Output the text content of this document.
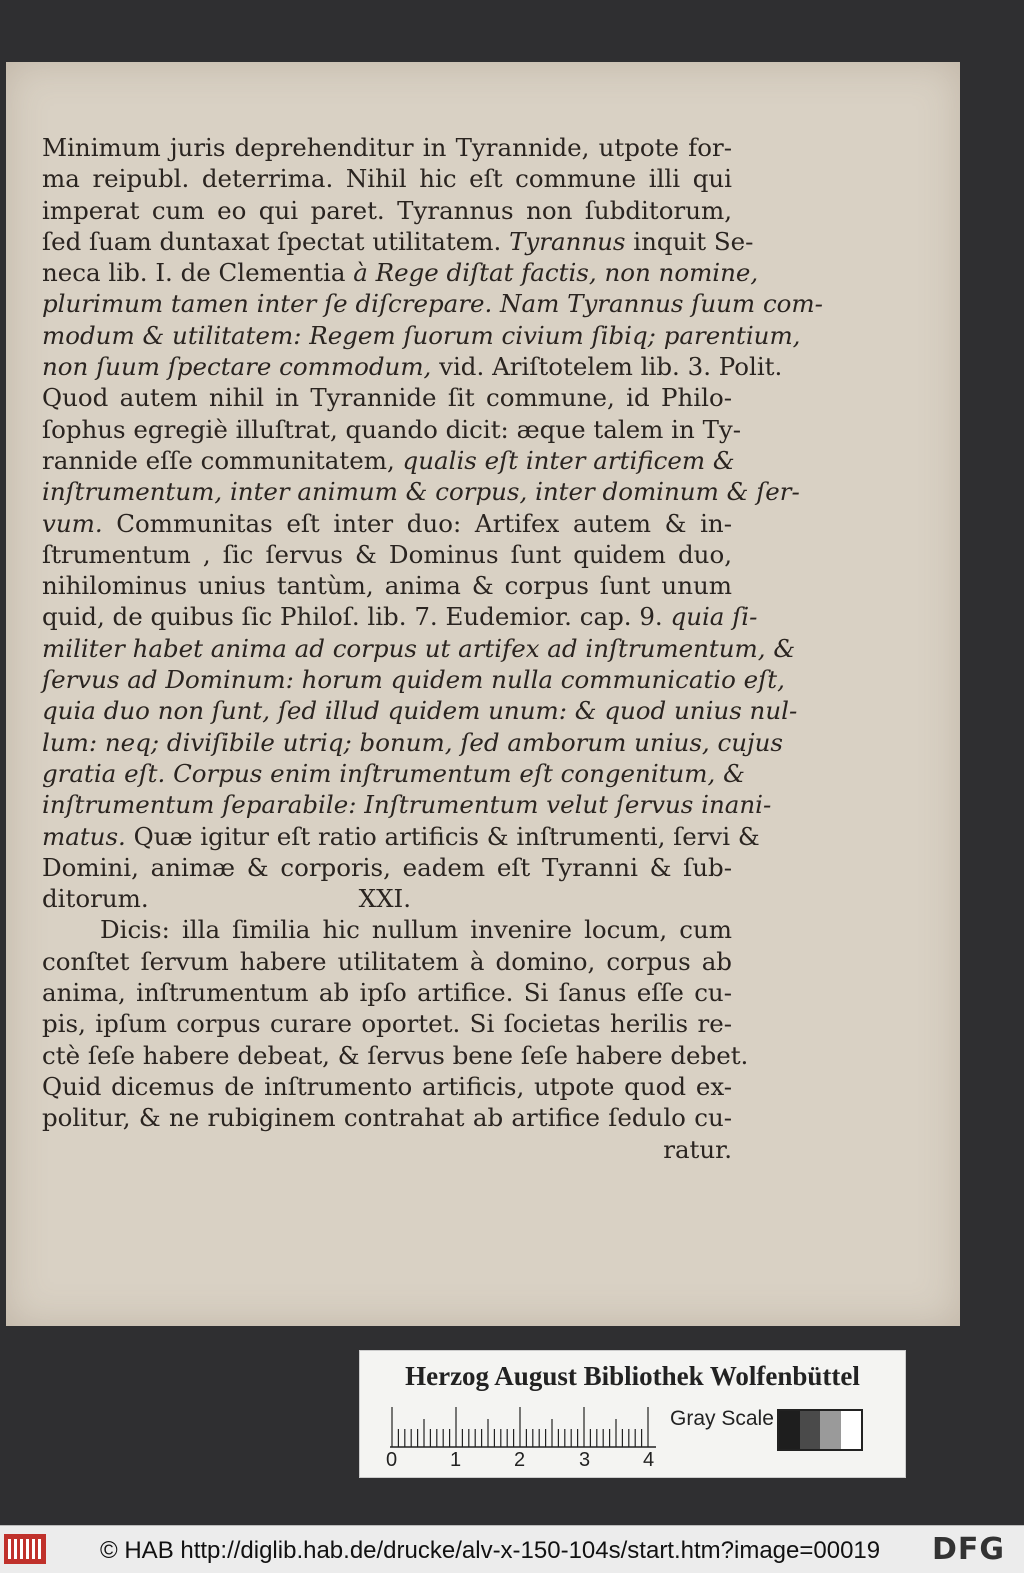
Minimum juris deprehenditur in Tyrannide, utpote for-
ma reipubl. deterrima. Nihil hic eſt commune illi qui
imperat cum eo qui paret. Tyrannus non ſubditorum,
ſed ſuam duntaxat ſpectat utilitatem. Tyrannus inquit Se-
neca lib. I. de Clementia à Rege diſtat factis, non nomine,
plurimum tamen inter ſe diſcrepare. Nam Tyrannus ſuum com-
modum & utilitatem: Regem ſuorum civium ſibiq; parentium,
non ſuum ſpectare commodum, vid. Ariſtotelem lib. 3. Polit.
Quod autem nihil in Tyrannide ſit commune, id Philo-
ſophus egregiè illuſtrat, quando dicit: æque talem in Ty-
rannide eſſe communitatem, qualis eſt inter artificem &
inſtrumentum, inter animum & corpus, inter dominum & ſer-
vum. Communitas eſt inter duo: Artifex autem & in-
ſtrumentum , ſic ſervus & Dominus ſunt quidem duo,
nihilominus unius tantùm, anima & corpus ſunt unum
quid, de quibus ſic Philoſ. lib. 7. Eudemior. cap. 9. quia ſi-
militer habet anima ad corpus ut artifex ad inſtrumentum, &
ſervus ad Dominum: horum quidem nulla communicatio eſt,
quia duo non ſunt, ſed illud quidem unum: & quod unius nul-
lum: neq; diviſibile utriq; bonum, ſed amborum unius, cujus
gratia eſt. Corpus enim inſtrumentum eſt congenitum, &
inſtrumentum ſeparabile: Inſtrumentum velut ſervus inani-
matus. Quæ igitur eſt ratio artificis & inſtrumenti, ſervi &
Domini, animæ & corporis, eadem eſt Tyranni & ſub-
ditorum.	XXI.
Dicis: illa ſimilia hic nullum invenire locum, cum
conſtet ſervum habere utilitatem à domino, corpus ab
anima, inſtrumentum ab ipſo artifice. Si ſanus eſſe cu-
pis, ipſum corpus curare oportet. Si ſocietas herilis re-
ctè ſeſe habere debeat, & ſervus bene ſeſe habere debet.
Quid dicemus de inſtrumento artificis, utpote quod ex-
politur, & ne rubiginem contrahat ab artifice ſedulo cu-
ratur.
Herzog August Bibliothek Wolfenbüttel
0	1	2	3	4
Gray Scale
© HAB http://diglib.hab.de/drucke/alv-x-150-104s/start.htm?image=00019 DFG
